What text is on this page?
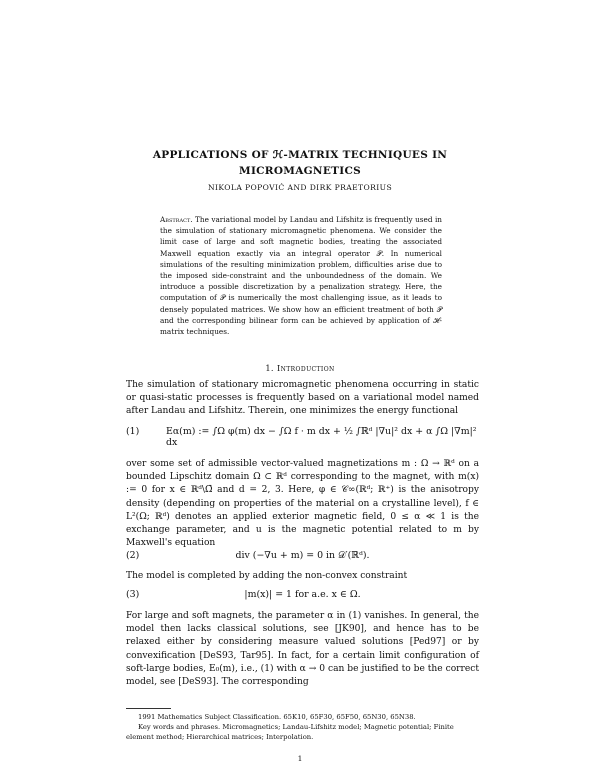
APPLICATIONS OF ℋ-MATRIX TECHNIQUES IN
MICROMAGNETICS
NIKOLA POPOVIĆ AND DIRK PRAETORIUS
Abstract. The variational model by Landau and Lifshitz is frequently used in the simulation of stationary micromagnetic phenomena. We consider the limit case of large and soft magnetic bodies, treating the associated Maxwell equation exactly via an integral operator 𝒫. In numerical simulations of the resulting minimization problem, difficulties arise due to the imposed side-constraint and the unboundedness of the domain. We introduce a possible discretization by a penalization strategy. Here, the computation of 𝒫 is numerically the most challenging issue, as it leads to densely populated matrices. We show how an efficient treatment of both 𝒫 and the corresponding bilinear form can be achieved by application of ℋ-matrix techniques.
1. Introduction
The simulation of stationary micromagnetic phenomena occurring in static or quasi-static processes is frequently based on a variational model named after Landau and Lifshitz. Therein, one minimizes the energy functional
(1)	Eα(m) := ∫Ω φ(m) dx − ∫Ω f · m dx + ½ ∫ℝᵈ |∇u|² dx + α ∫Ω |∇m|² dx
over some set of admissible vector-valued magnetizations m : Ω → ℝᵈ on a bounded Lipschitz domain Ω ⊂ ℝᵈ corresponding to the magnet, with m(x) := 0 for x ∈ ℝᵈ\Ω̄ and d = 2, 3. Here, φ ∈ 𝒞∞(ℝᵈ; ℝ⁺) is the anisotropy density (depending on properties of the material on a crystalline level), f ∈ L²(Ω; ℝᵈ) denotes an applied exterior magnetic field, 0 ≤ α ≪ 1 is the exchange parameter, and u is the magnetic potential related to m by Maxwell's equation
(2)	div (−∇u + m) = 0 in 𝒟′(ℝᵈ).
The model is completed by adding the non-convex constraint
(3)	|m(x)| = 1 for a.e. x ∈ Ω.
For large and soft magnets, the parameter α in (1) vanishes. In general, the model then lacks classical solutions, see [JK90], and hence has to be relaxed either by considering measure valued solutions [Ped97] or by convexification [DeS93, Tar95]. In fact, for a certain limit configuration of soft-large bodies, E₀(m), i.e., (1) with α → 0 can be justified to be the correct model, see [DeS93]. The corresponding

1991 Mathematics Subject Classification. 65K10, 65F30, 65F50, 65N30, 65N38.

Key words and phrases. Micromagnetics; Landau-Lifshitz model; Magnetic potential; Finite element method; Hierarchical matrices; Interpolation.

1
